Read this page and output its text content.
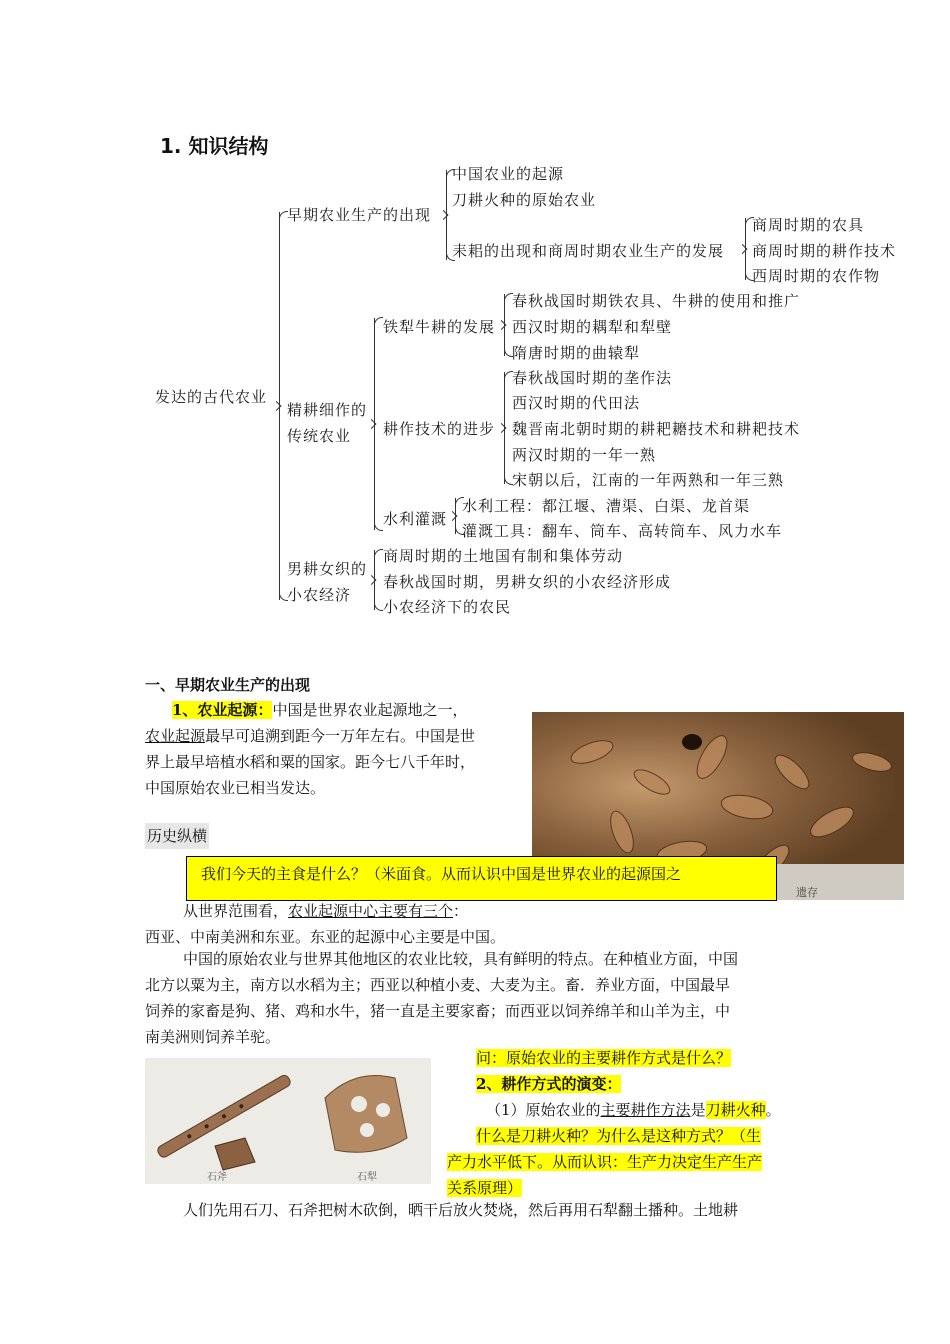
1. 知识结构
发达的古代农业
早期农业生产的出现
中国农业的起源
刀耕火种的原始农业
耒耜的出现和商周时期农业生产的发展
商周时期的农具
商周时期的耕作技术
西周时期的农作物
精耕细作的
传统农业
铁犁牛耕的发展
春秋战国时期铁农具、牛耕的使用和推广
西汉时期的耦犁和犁壁
隋唐时期的曲辕犁
耕作技术的进步
春秋战国时期的垄作法
西汉时期的代田法
魏晋南北朝时期的耕耙耱技术和耕耙技术
两汉时期的一年一熟
宋朝以后，江南的一年两熟和一年三熟
水利灌溉
水利工程：都江堰、漕渠、白渠、龙首渠
灌溉工具：翻车、筒车、高转筒车、风力水车
男耕女织的
小农经济
商周时期的土地国有制和集体劳动
春秋战国时期，男耕女织的小农经济形成
小农经济下的农民
一、早期农业生产的出现
1、农业起源：中国是世界农业起源地之一，
农业起源最早可追溯到距今一万年左右。中国是世
界上最早培植水稻和粟的国家。距今七八千年时，
中国原始农业已相当发达。
遗存
历史纵横
我们今天的主食是什么？（米面食。从而认识中国是世界农业的起源国之
从世界范围看，农业起源中心主要有三个：
西亚、中南美洲和东亚。东亚的起源中心主要是中国。
中国的原始农业与世界其他地区的农业比较，具有鲜明的特点。在种植业方面，中国
北方以粟为主，南方以水稻为主；西亚以种植小麦、大麦为主。畜．养业方面，中国最早
饲养的家畜是狗、猪、鸡和水牛，猪一直是主要家畜；而西亚以饲养绵羊和山羊为主，中
南美洲则饲养羊驼。
石斧	石犁
问：原始农业的主要耕作方式是什么？
2、耕作方式的演变：
（1）原始农业的主要耕作方法是刀耕火种。
什么是刀耕火种？为什么是这种方式？（生
产力水平低下。从而认识：生产力决定生产生产
关系原理）
人们先用石刀、石斧把树木砍倒，晒干后放火焚烧，然后再用石犁翻土播种。土地耕
